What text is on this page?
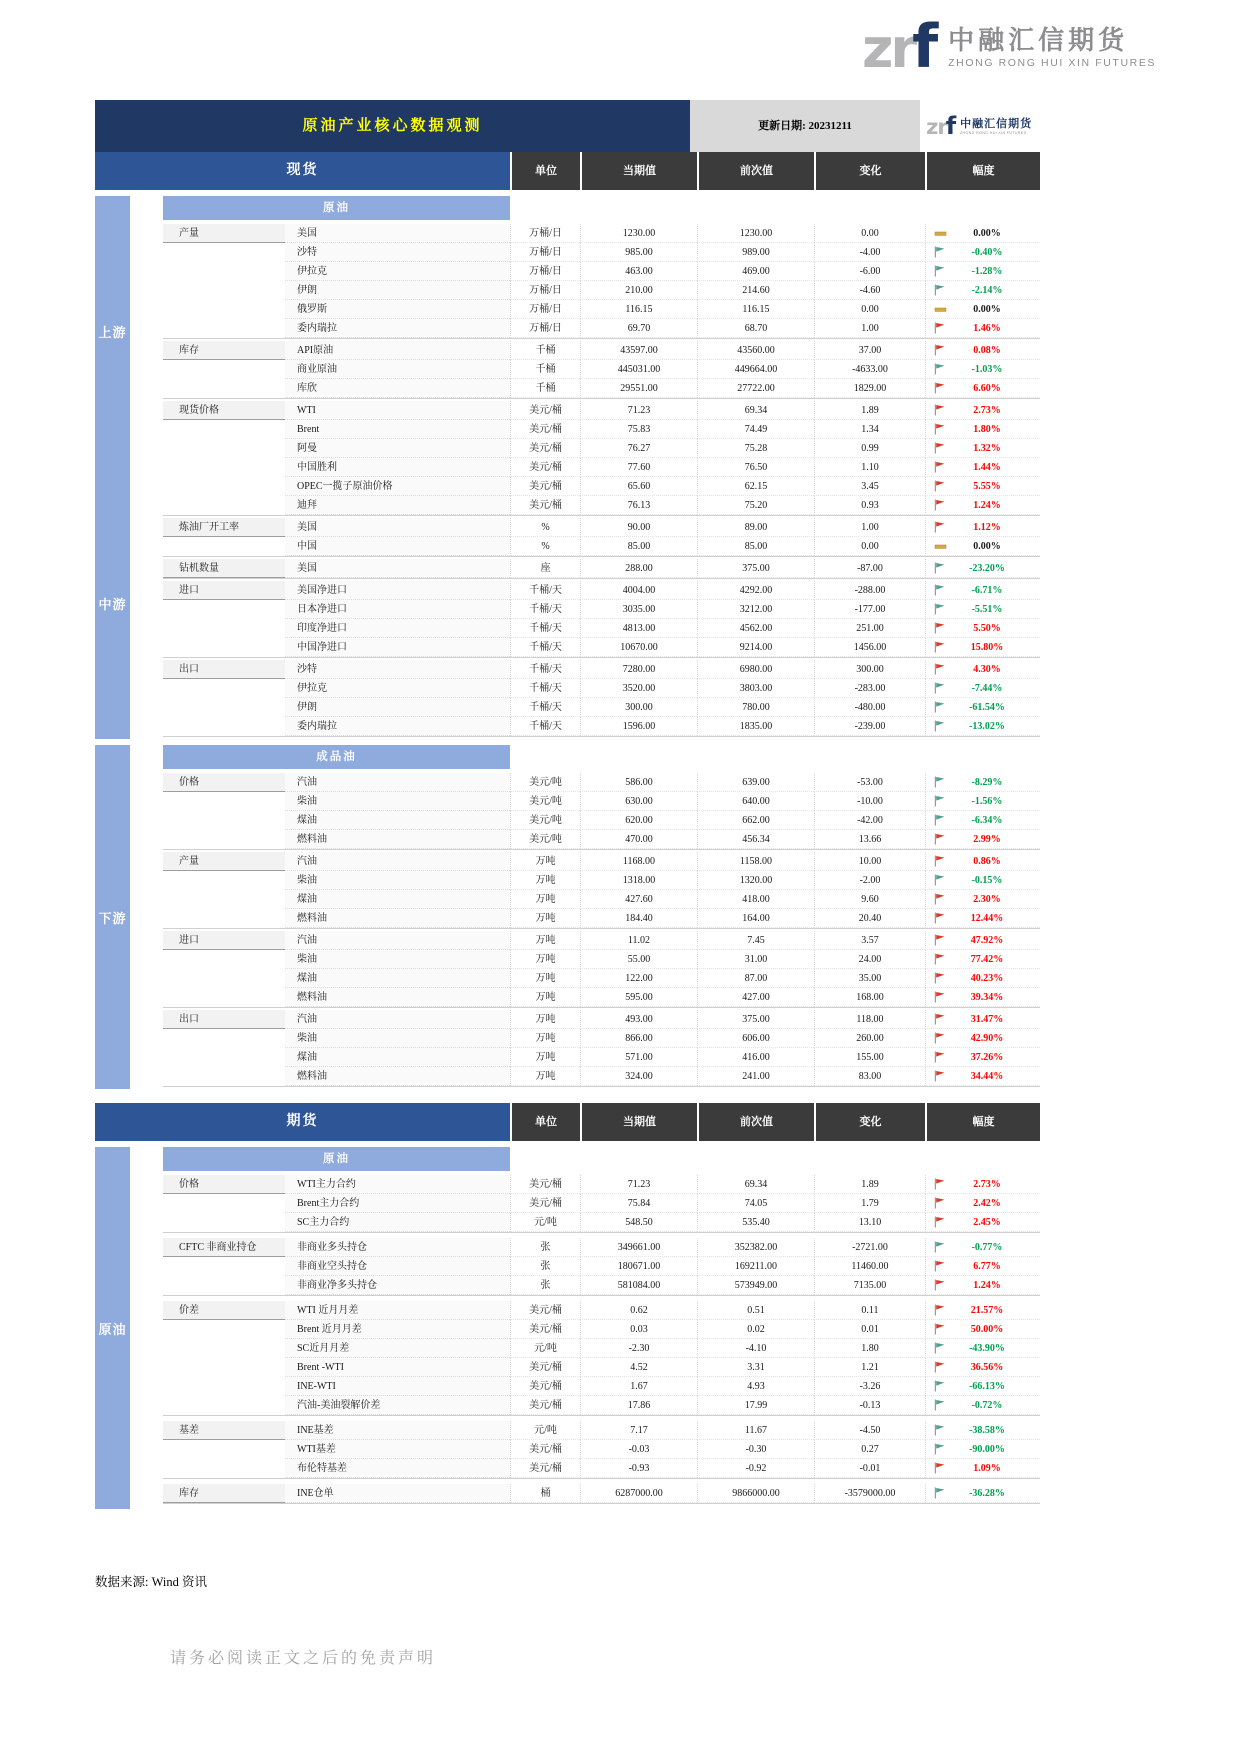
zrf 中融汇信期货
ZHONG RONG HUI XIN FUTURES
原油产业核心数据观测	更新日期: 20231211	zrf 中融汇信期货
ZHONG RONG HUI XIN FUTURES
现货	单位	当期值	前次值	变化	幅度
上游
中游
原油
产量	美国	万桶/日	1230.00	1230.00	0.00	0.00%
沙特	万桶/日	985.00	989.00	-4.00	-0.40%
伊拉克	万桶/日	463.00	469.00	-6.00	-1.28%
伊朗	万桶/日	210.00	214.60	-4.60	-2.14%
俄罗斯	万桶/日	116.15	116.15	0.00	0.00%
委内瑞拉	万桶/日	69.70	68.70	1.00	1.46%
库存	API原油	千桶	43597.00	43560.00	37.00	0.08%
商业原油	千桶	445031.00	449664.00	-4633.00	-1.03%
库欣	千桶	29551.00	27722.00	1829.00	6.60%
现货价格	WTI	美元/桶	71.23	69.34	1.89	2.73%
Brent	美元/桶	75.83	74.49	1.34	1.80%
阿曼	美元/桶	76.27	75.28	0.99	1.32%
中国胜利	美元/桶	77.60	76.50	1.10	1.44%
OPEC一揽子原油价格	美元/桶	65.60	62.15	3.45	5.55%
迪拜	美元/桶	76.13	75.20	0.93	1.24%
炼油厂开工率	美国	%	90.00	89.00	1.00	1.12%
中国	%	85.00	85.00	0.00	0.00%
钻机数量	美国	座	288.00	375.00	-87.00	-23.20%
进口	美国净进口	千桶/天	4004.00	4292.00	-288.00	-6.71%
日本净进口	千桶/天	3035.00	3212.00	-177.00	-5.51%
印度净进口	千桶/天	4813.00	4562.00	251.00	5.50%
中国净进口	千桶/天	10670.00	9214.00	1456.00	15.80%
出口	沙特	千桶/天	7280.00	6980.00	300.00	4.30%
伊拉克	千桶/天	3520.00	3803.00	-283.00	-7.44%
伊朗	千桶/天	300.00	780.00	-480.00	-61.54%
委内瑞拉	千桶/天	1596.00	1835.00	-239.00	-13.02%
下游
成品油
价格	汽油	美元/吨	586.00	639.00	-53.00	-8.29%
柴油	美元/吨	630.00	640.00	-10.00	-1.56%
煤油	美元/吨	620.00	662.00	-42.00	-6.34%
燃料油	美元/吨	470.00	456.34	13.66	2.99%
产量	汽油	万吨	1168.00	1158.00	10.00	0.86%
柴油	万吨	1318.00	1320.00	-2.00	-0.15%
煤油	万吨	427.60	418.00	9.60	2.30%
燃料油	万吨	184.40	164.00	20.40	12.44%
进口	汽油	万吨	11.02	7.45	3.57	47.92%
柴油	万吨	55.00	31.00	24.00	77.42%
煤油	万吨	122.00	87.00	35.00	40.23%
燃料油	万吨	595.00	427.00	168.00	39.34%
出口	汽油	万吨	493.00	375.00	118.00	31.47%
柴油	万吨	866.00	606.00	260.00	42.90%
煤油	万吨	571.00	416.00	155.00	37.26%
燃料油	万吨	324.00	241.00	83.00	34.44%
期货	单位	当期值	前次值	变化	幅度
原油
原油
价格	WTI主力合约	美元/桶	71.23	69.34	1.89	2.73%
Brent主力合约	美元/桶	75.84	74.05	1.79	2.42%
SC主力合约	元/吨	548.50	535.40	13.10	2.45%
CFTC 非商业持仓	非商业多头持仓	张	349661.00	352382.00	-2721.00	-0.77%
非商业空头持仓	张	180671.00	169211.00	11460.00	6.77%
非商业净多头持仓	张	581084.00	573949.00	7135.00	1.24%
价差	WTI 近月月差	美元/桶	0.62	0.51	0.11	21.57%
Brent 近月月差	美元/桶	0.03	0.02	0.01	50.00%
SC近月月差	元/吨	-2.30	-4.10	1.80	-43.90%
Brent -WTI	美元/桶	4.52	3.31	1.21	36.56%
INE-WTI	美元/桶	1.67	4.93	-3.26	-66.13%
汽油-美油裂解价差	美元/桶	17.86	17.99	-0.13	-0.72%
基差	INE基差	元/吨	7.17	11.67	-4.50	-38.58%
WTI基差	美元/桶	-0.03	-0.30	0.27	-90.00%
布伦特基差	美元/桶	-0.93	-0.92	-0.01	1.09%
库存	INE仓单	桶	6287000.00	9866000.00	-3579000.00	-36.28%
数据来源: Wind 资讯
请务必阅读正文之后的免责声明
